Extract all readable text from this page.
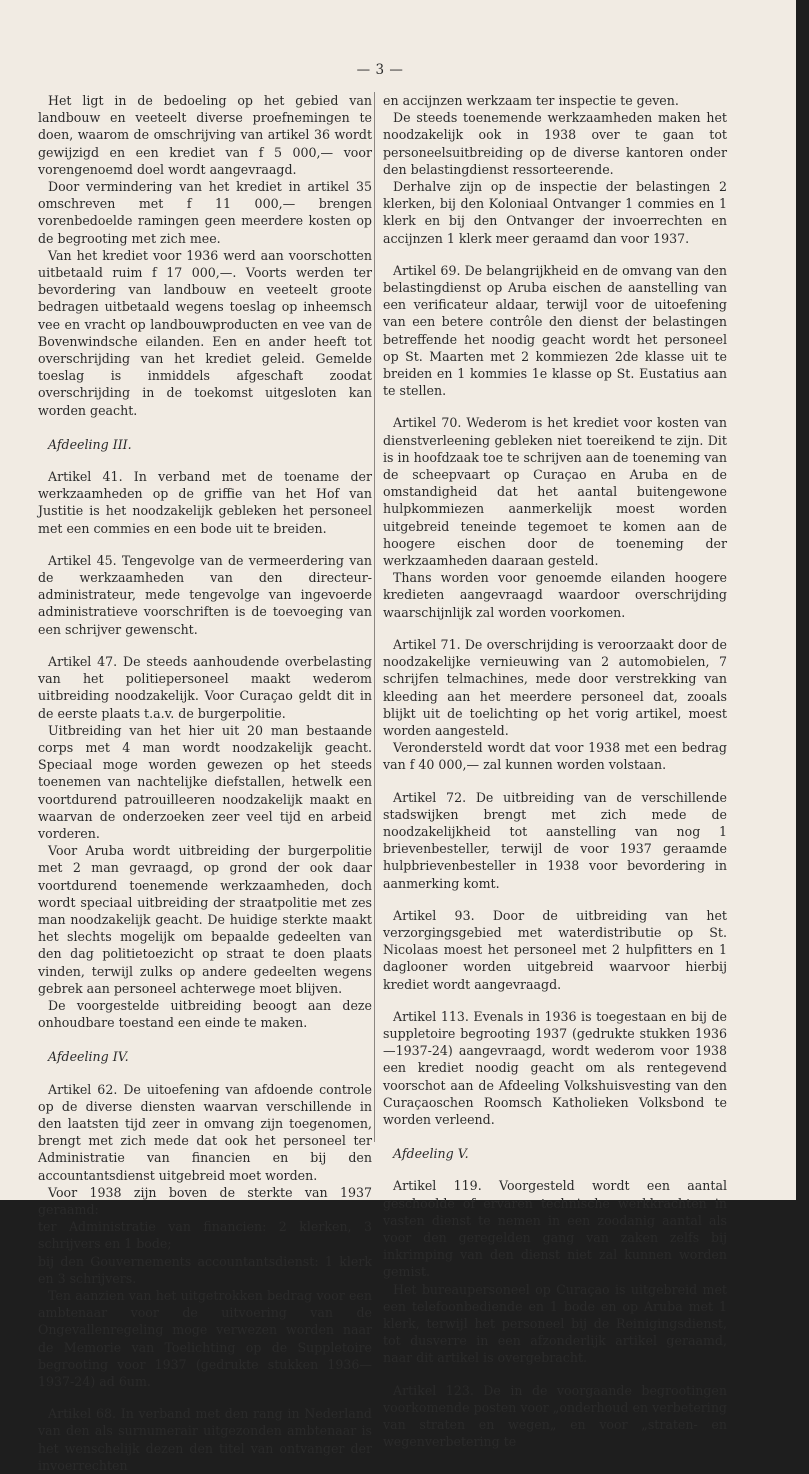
— 3 —

Het ligt in de bedoeling op het gebied van landbouw en veeteelt diverse proefnemingen te doen, waarom de omschrijving van artikel 36 wordt gewijzigd en een krediet van f 5 000,— voor vorengenoemd doel wordt aangevraagd.

Door vermindering van het krediet in artikel 35 omschreven met f 11 000,— brengen vorenbedoelde ramingen geen meerdere kosten op de begrooting met zich mee.

Van het krediet voor 1936 werd aan voorschotten uitbetaald ruim f 17 000,—. Voorts werden ter bevordering van landbouw en veeteelt groote bedragen uitbetaald wegens toeslag op inheemsch vee en vracht op landbouwproducten en vee van de Bovenwindsche eilanden. Een en ander heeft tot overschrijding van het krediet geleid. Gemelde toeslag is inmiddels afgeschaft zoodat overschrijding in de toekomst uitgesloten kan worden geacht.

Afdeeling III.

Artikel 41. In verband met de toename der werkzaamheden op de griffie van het Hof van Justitie is het noodzakelijk gebleken het personeel met een commies en een bode uit te breiden.

Artikel 45. Tengevolge van de vermeerdering van de werkzaamheden van den directeur-administrateur, mede tengevolge van ingevoerde administratieve voorschriften is de toevoeging van een schrijver gewenscht.

Artikel 47. De steeds aanhoudende overbelasting van het politiepersoneel maakt wederom uitbreiding noodzakelijk. Voor Curaçao geldt dit in de eerste plaats t.a.v. de burgerpolitie.

Uitbreiding van het hier uit 20 man bestaande corps met 4 man wordt noodzakelijk geacht. Speciaal moge worden gewezen op het steeds toenemen van nachtelijke diefstallen, hetwelk een voortdurend patrouilleeren noodzakelijk maakt en waarvan de onderzoeken zeer veel tijd en arbeid vorderen.

Voor Aruba wordt uitbreiding der burgerpolitie met 2 man gevraagd, op grond der ook daar voortdurend toenemende werkzaamheden, doch wordt speciaal uitbreiding der straatpolitie met zes man noodzakelijk geacht. De huidige sterkte maakt het slechts mogelijk om bepaalde gedeelten van den dag politietoezicht op straat te doen plaats vinden, terwijl zulks op andere gedeelten wegens gebrek aan personeel achterwege moet blijven.

De voorgestelde uitbreiding beoogt aan deze onhoudbare toestand een einde te maken.

Afdeeling IV.

Artikel 62. De uitoefening van afdoende controle op de diverse diensten waarvan verschillende in den laatsten tijd zeer in omvang zijn toegenomen, brengt met zich mede dat ook het personeel ter Administratie van financien en bij den accountantsdienst uitgebreid moet worden.

Voor 1938 zijn boven de sterkte van 1937 geraamd:

ter Administratie van financien: 2 klerken, 3 schrijvers en 1 bode;

bij den Gouvernements accountantsdienst: 1 klerk en 3 schrijvers.

Ten aanzien van het uitgetrokken bedrag voor een ambtenaar voor de uitvoering van de Ongevallenregeling moge verwezen worden naar de Memorie van Toelichting op de Suppletoire begrooting voor 1937 (gedrukte stukken 1936—1937-24) ad 6um.

Artikel 68. In verband met den rang in Nederland van den als surnumerair uitgezonden ambtenaar is het wenschelijk dezen den titel van ontvanger der invoerrechten

en accijnzen werkzaam ter inspectie te geven.

De steeds toenemende werkzaamheden maken het noodzakelijk ook in 1938 over te gaan tot personeelsuitbreiding op de diverse kantoren onder den belastingdienst ressorteerende.

Derhalve zijn op de inspectie der belastingen 2 klerken, bij den Koloniaal Ontvanger 1 commies en 1 klerk en bij den Ontvanger der invoerrechten en accijnzen 1 klerk meer geraamd dan voor 1937.

Artikel 69. De belangrijkheid en de omvang van den belastingdienst op Aruba eischen de aanstelling van een verificateur aldaar, terwijl voor de uitoefening van een betere contrôle den dienst der belastingen betreffende het noodig geacht wordt het personeel op St. Maarten met 2 kommiezen 2de klasse uit te breiden en 1 kommies 1e klasse op St. Eustatius aan te stellen.

Artikel 70. Wederom is het krediet voor kosten van dienstverleening gebleken niet toereikend te zijn. Dit is in hoofdzaak toe te schrijven aan de toeneming van de scheepvaart op Curaçao en Aruba en de omstandigheid dat het aantal buitengewone hulpkommiezen aanmerkelijk moest worden uitgebreid teneinde tegemoet te komen aan de hoogere eischen door de toeneming der werkzaamheden daaraan gesteld.

Thans worden voor genoemde eilanden hoogere kredieten aangevraagd waardoor overschrijding waarschijnlijk zal worden voorkomen.

Artikel 71. De overschrijding is veroorzaakt door de noodzakelijke vernieuwing van 2 automobielen, 7 schrijfen telmachines, mede door verstrekking van kleeding aan het meerdere personeel dat, zooals blijkt uit de toelichting op het vorig artikel, moest worden aangesteld.

Verondersteld wordt dat voor 1938 met een bedrag van f 40 000,— zal kunnen worden volstaan.

Artikel 72. De uitbreiding van de verschillende stadswijken brengt met zich mede de noodzakelijkheid tot aanstelling van nog 1 brievenbesteller, terwijl de voor 1937 geraamde hulpbrievenbesteller in 1938 voor bevordering in aanmerking komt.

Artikel 93. Door de uitbreiding van het verzorgingsgebied met waterdistributie op St. Nicolaas moest het personeel met 2 hulpfitters en 1 daglooner worden uitgebreid waarvoor hierbij krediet wordt aangevraagd.

Artikel 113. Evenals in 1936 is toegestaan en bij de suppletoire begrooting 1937 (gedrukte stukken 1936—1937-24) aangevraagd, wordt wederom voor 1938 een krediet noodig geacht om als rentegevend voorschot aan de Afdeeling Volkshuisvesting van den Curaçaoschen Roomsch Katholieken Volksbond te worden verleend.

Afdeeling V.

Artikel 119. Voorgesteld wordt een aantal geschoolde of ervaren technische werkkrachten in vasten dienst te nemen in een zoodanig aantal als voor den geregelden gang van zaken zelfs bij inkrimping van den dienst niet zal kunnen worden gemist.

Het bureaupersoneel op Curaçao is uitgebreid met een telefoonbediende en 1 bode en op Aruba met 1 klerk, terwijl het personeel bij de Reinigingsdienst, tot dusverre in een afzonderlijk artikel geraamd, naar dit artikel is overgebracht.

Artikel 123. De in de voorgaande begrootingen voorkomende posten voor „onderhoud en verbetering van straten en wegen„ en voor „straten- en wegenverbetering te
